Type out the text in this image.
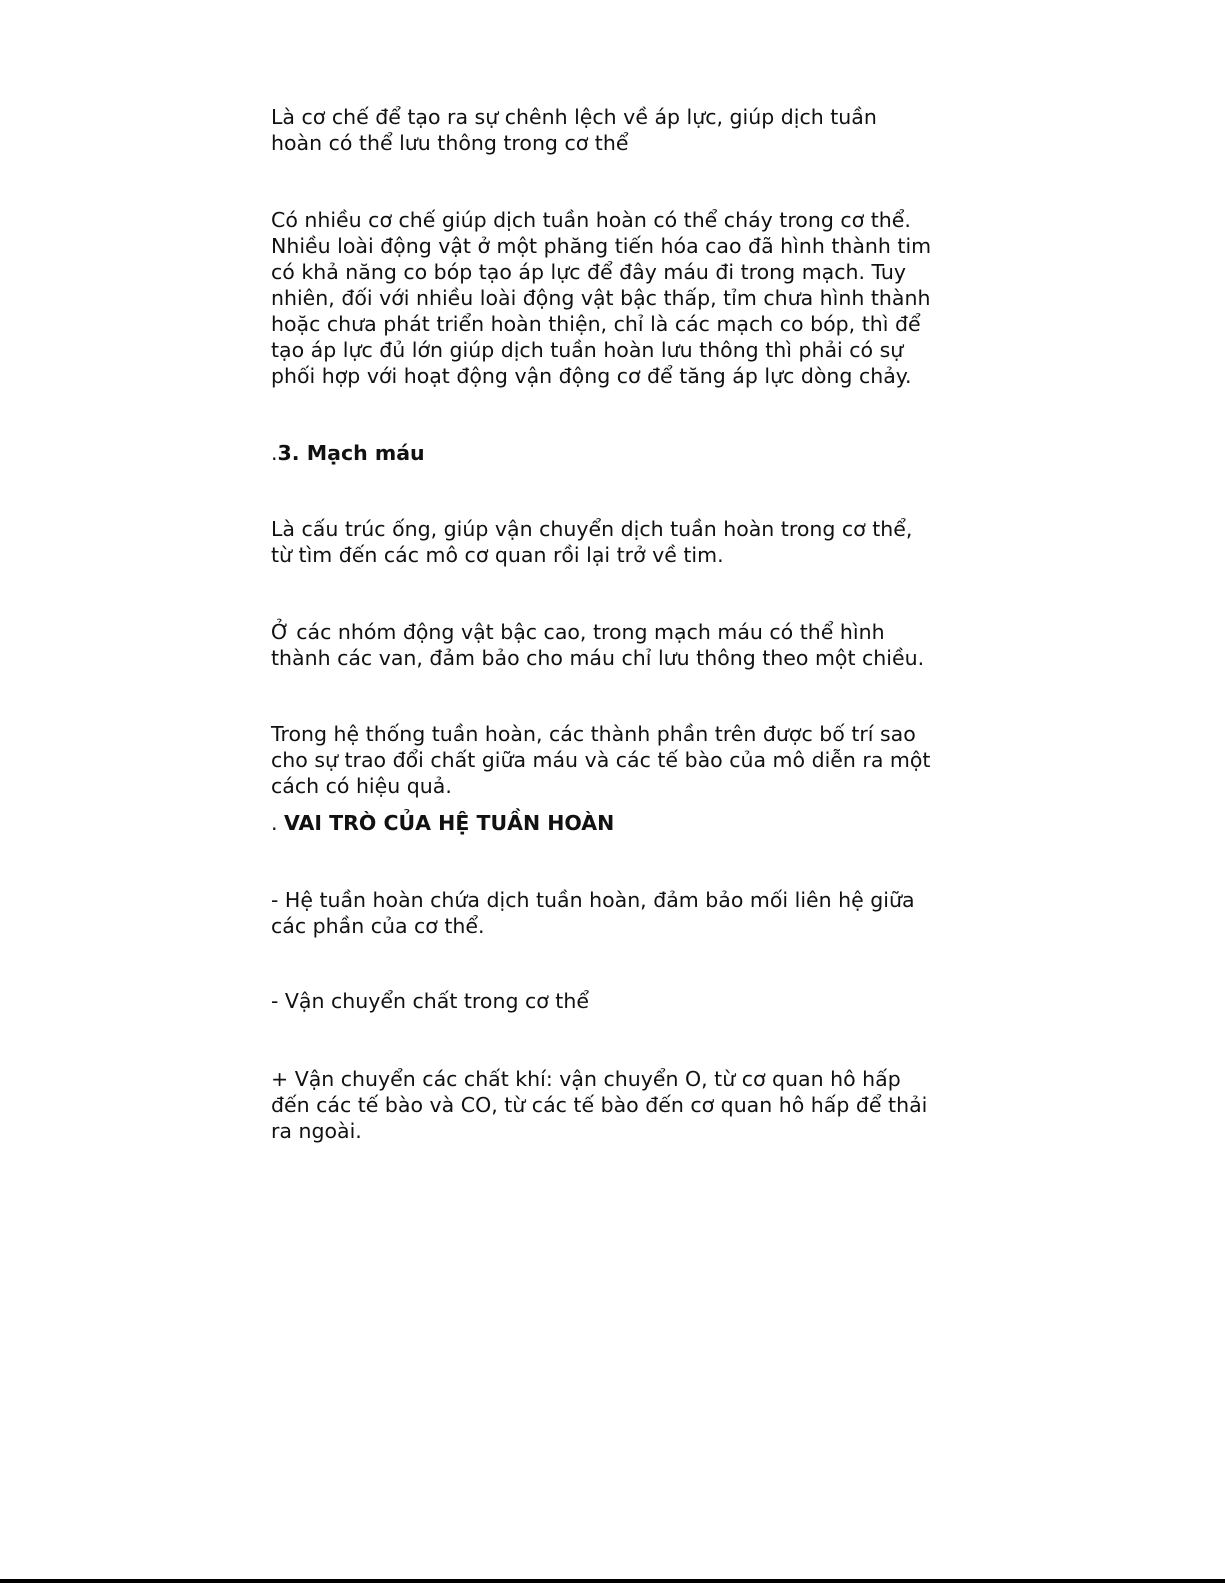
Là cơ chế để tạo ra sự chênh lệch về áp lực, giúp dịch tuần
hoàn có thể lưu thông trong cơ thể

Có nhiều cơ chế giúp dịch tuần hoàn có thể cháy trong cơ thể.
Nhiều loài động vật ở một phăng tiến hóa cao đã hình thành tim
có khả năng co bóp tạo áp lực để đây máu đi trong mạch. Tuy
nhiên, đối với nhiều loài động vật bậc thấp, tỉm chưa hình thành
hoặc chưa phát triển hoàn thiện, chỉ là các mạch co bóp, thì để
tạo áp lực đủ lớn giúp dịch tuần hoàn lưu thông thì phải có sự
phối hợp với hoạt động vận động cơ để tăng áp lực dòng chảy.

.3. Mạch máu

Là cấu trúc ống, giúp vận chuyển dịch tuần hoàn trong cơ thể,
từ tìm đến các mô cơ quan rồi lại trở về tim.

Ở các nhóm động vật bậc cao, trong mạch máu có thể hình
thành các van, đảm bảo cho máu chỉ lưu thông theo một chiều.

Trong hệ thống tuần hoàn, các thành phần trên được bố trí sao
cho sự trao đổi chất giữa máu và các tế bào của mô diễn ra một
cách có hiệu quả.

. VAI TRÒ CỦA HỆ TUẦN HOÀN

- Hệ tuần hoàn chứa dịch tuần hoàn, đảm bảo mối liên hệ giữa
các phần của cơ thể.

- Vận chuyển chất trong cơ thể

+ Vận chuyển các chất khí: vận chuyển O, từ cơ quan hô hấp
đến các tế bào và CO, từ các tế bào đến cơ quan hô hấp để thải
ra ngoài.
